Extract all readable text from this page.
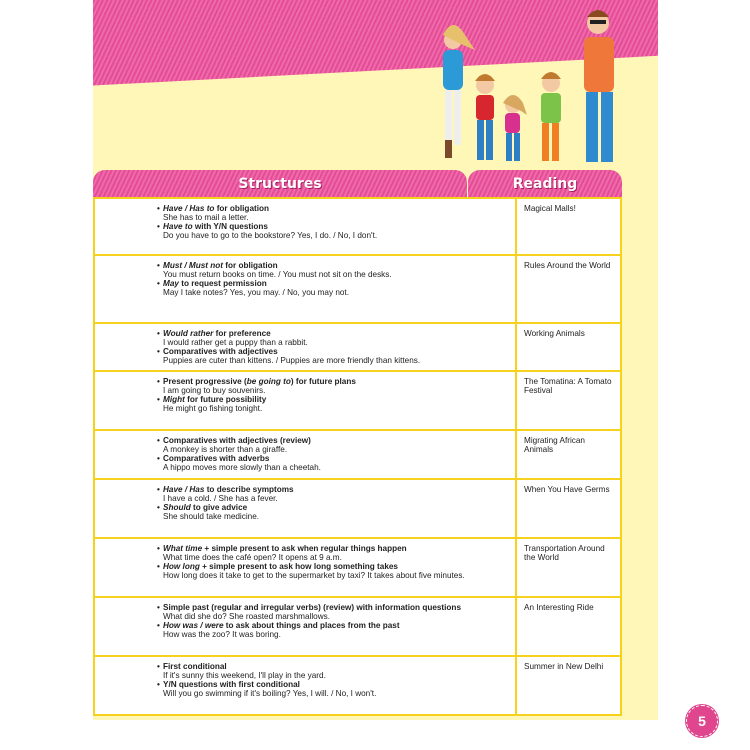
Structures	Reading
• Have / Has to for obligation
She has to mail a letter.
• Have to with Y/N questions
Do you have to go to the bookstore? Yes, I do. / No, I don't.	Magical Malls!

• Must / Must not for obligation
You must return books on time. / You must not sit on the desks.
• May to request permission
May I take notes? Yes, you may. / No, you may not.	Rules Around the World

• Would rather for preference
I would rather get a puppy than a rabbit.
• Comparatives with adjectives
Puppies are cuter than kittens. / Puppies are more friendly than kittens.	Working Animals

• Present progressive (be going to) for future plans
I am going to buy souvenirs.
• Might for future possibility
He might go fishing tonight.	The Tomatina: A Tomato Festival

• Comparatives with adjectives (review)
A monkey is shorter than a giraffe.
• Comparatives with adverbs
A hippo moves more slowly than a cheetah.	Migrating African Animals

• Have / Has to describe symptoms
I have a cold. / She has a fever.
• Should to give advice
She should take medicine.	When You Have Germs

• What time + simple present to ask when regular things happen
What time does the café open? It opens at 9 a.m.
• How long + simple present to ask how long something takes
How long does it take to get to the supermarket by taxi? It takes about five minutes.	Transportation Around the World

• Simple past (regular and irregular verbs) (review) with information questions
What did she do? She roasted marshmallows.
• How was / were to ask about things and places from the past
How was the zoo? It was boring.	An Interesting Ride

• First conditional
If it's sunny this weekend, I'll play in the yard.
• Y/N questions with first conditional
Will you go swimming if it's boiling? Yes, I will. / No, I won't.	Summer in New Delhi
5
